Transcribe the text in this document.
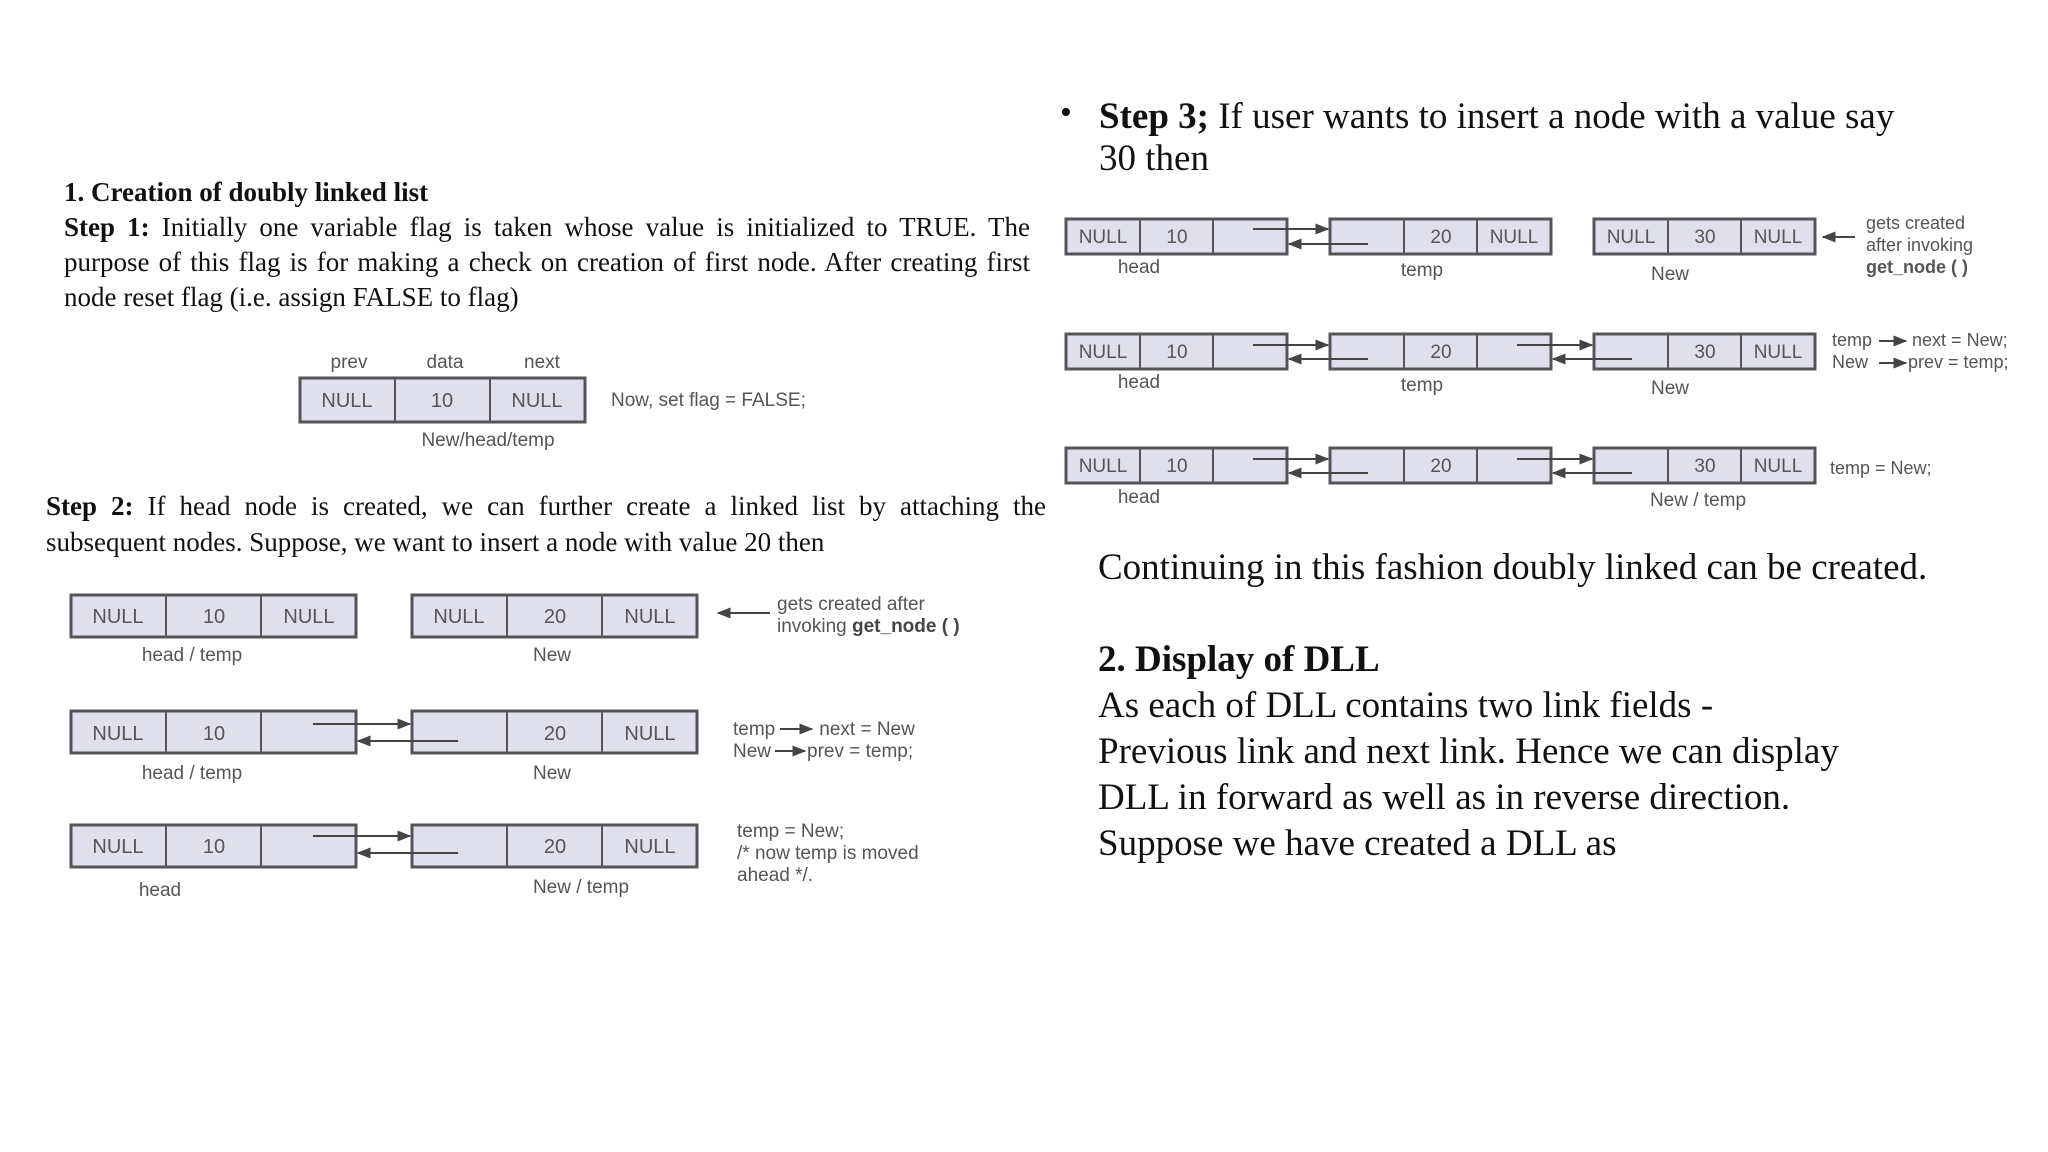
1. Creation of doubly linked list
Step 1: Initially one variable flag is taken whose value is initialized to TRUE. The purpose of this flag is for making a check on creation of first node. After creating first node reset flag (i.e. assign FALSE to flag)
Step 2: If head node is created, we can further create a linked list by attaching the subsequent nodes. Suppose, we want to insert a node with value 20 then
• Step 3; If user wants to insert a node with a value say 30 then
Continuing in this fashion doubly linked can be created.
2. Display of DLL
As each of DLL contains two link fields -
Previous link and next link. Hence we can display
DLL in forward as well as in reverse direction.
Suppose we have created a DLL as
prev	data	next
NULL	10	NULL
New/head/temp
Now, set flag = FALSE;
NULL	10	NULL
head / temp
NULL	20	NULL
New
gets created after
invoking get_node ( )
NULL	10
head / temp
20	NULL
New
temp next = New
New prev = temp;
NULL	10
head
20	NULL
New / temp
temp = New;
/* now temp is moved
ahead */.
NULL 10
head
20 NULL
temp
NULL 30 NULL
New
gets created
after invoking
get_node ( )
NULL 10
head
20
temp
30 NULL
New
temp next = New;
New prev = temp;
NULL 10
head
20	30 NULL
New / temp
temp = New;
